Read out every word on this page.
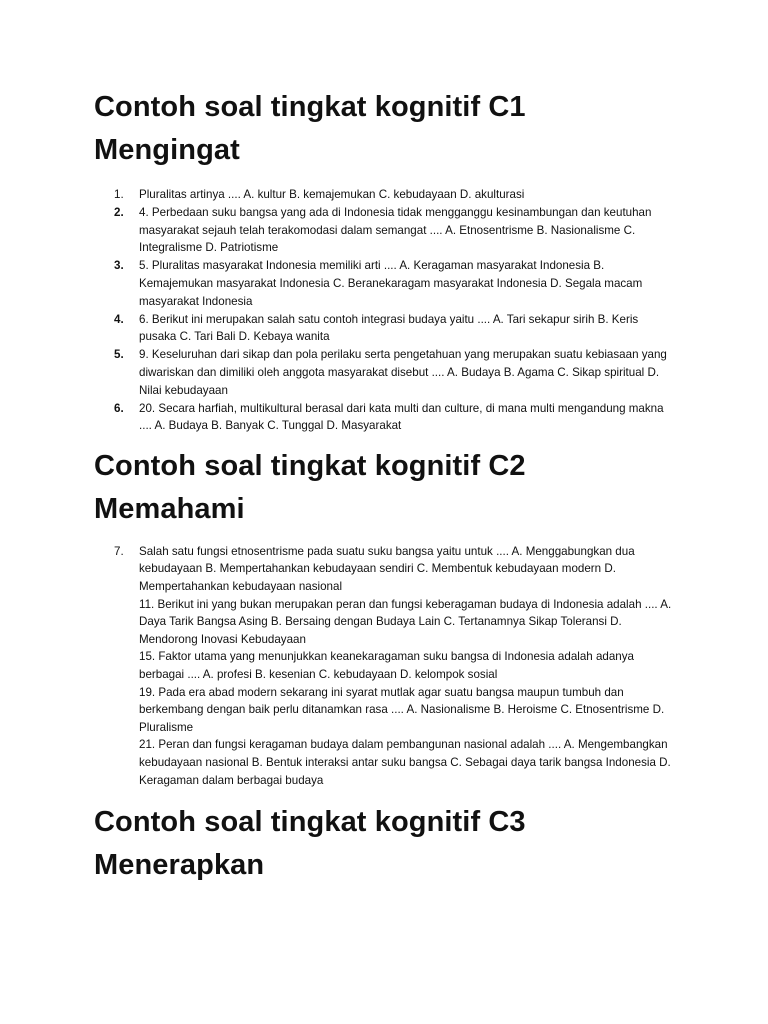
Contoh soal tingkat kognitif C1 Mengingat
1. Pluralitas artinya .... A. kultur B. kemajemukan C. kebudayaan D. akulturasi
2. 4. Perbedaan suku bangsa yang ada di Indonesia tidak mengganggu kesinambungan dan keutuhan masyarakat sejauh telah terakomodasi dalam semangat .... A. Etnosentrisme B. Nasionalisme C. Integralisme D. Patriotisme
3. 5. Pluralitas masyarakat Indonesia memiliki arti .... A. Keragaman masyarakat Indonesia B. Kemajemukan masyarakat Indonesia C. Beranekaragam masyarakat Indonesia D. Segala macam masyarakat Indonesia
4. 6. Berikut ini merupakan salah satu contoh integrasi budaya yaitu .... A. Tari sekapur sirih B. Keris pusaka C. Tari Bali D. Kebaya wanita
5. 9. Keseluruhan dari sikap dan pola perilaku serta pengetahuan yang merupakan suatu kebiasaan yang diwariskan dan dimiliki oleh anggota masyarakat disebut .... A. Budaya B. Agama C. Sikap spiritual D. Nilai kebudayaan
6. 20. Secara harfiah, multikultural berasal dari kata multi dan culture, di mana multi mengandung makna .... A. Budaya B. Banyak C. Tunggal D. Masyarakat
Contoh soal tingkat kognitif C2 Memahami
7. Salah satu fungsi etnosentrisme pada suatu suku bangsa yaitu untuk .... A. Menggabungkan dua kebudayaan B. Mempertahankan kebudayaan sendiri C. Membentuk kebudayaan modern D. Mempertahankan kebudayaan nasional
11. Berikut ini yang bukan merupakan peran dan fungsi keberagaman budaya di Indonesia adalah .... A. Daya Tarik Bangsa Asing B. Bersaing dengan Budaya Lain C. Tertanamnya Sikap Toleransi D. Mendorong Inovasi Kebudayaan
15. Faktor utama yang menunjukkan keanekaragaman suku bangsa di Indonesia adalah adanya berbagai .... A. profesi B. kesenian C. kebudayaan D. kelompok sosial
19. Pada era abad modern sekarang ini syarat mutlak agar suatu bangsa maupun tumbuh dan berkembang dengan baik perlu ditanamkan rasa .... A. Nasionalisme B. Heroisme C. Etnosentrisme D. Pluralisme
21. Peran dan fungsi keragaman budaya dalam pembangunan nasional adalah .... A. Mengembangkan kebudayaan nasional B. Bentuk interaksi antar suku bangsa C. Sebagai daya tarik bangsa Indonesia D. Keragaman dalam berbagai budaya
Contoh soal tingkat kognitif C3 Menerapkan
